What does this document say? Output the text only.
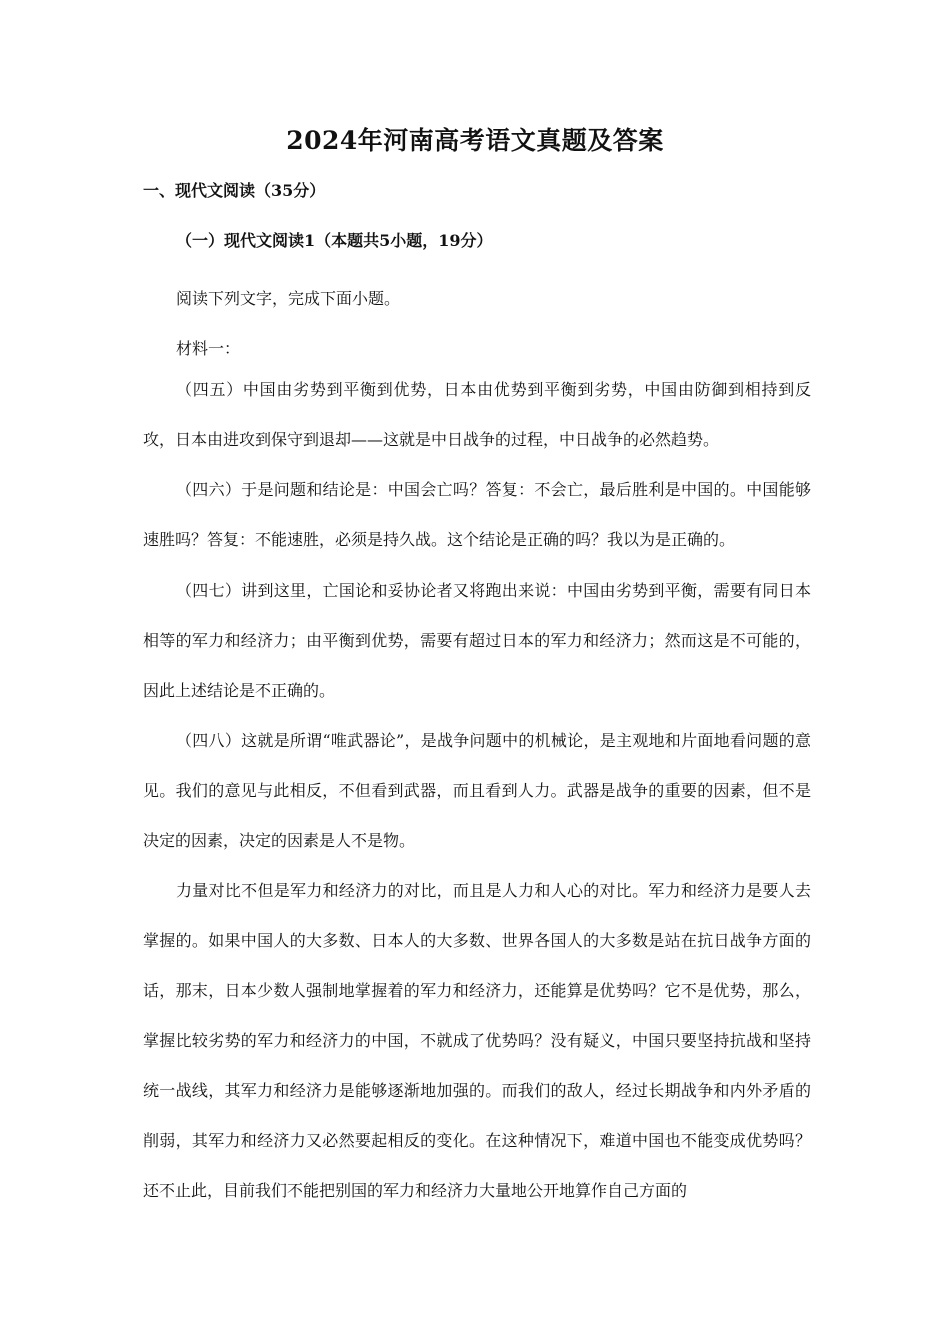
2024年河南高考语文真题及答案
一、现代文阅读（35分）
（一）现代文阅读1（本题共5小题，19分）
阅读下列文字，完成下面小题。
材料一：
（四五）中国由劣势到平衡到优势，日本由优势到平衡到劣势，中国由防御到相持到反攻，日本由进攻到保守到退却——这就是中日战争的过程，中日战争的必然趋势。
（四六）于是问题和结论是：中国会亡吗？答复：不会亡，最后胜利是中国的。中国能够速胜吗？答复：不能速胜，必须是持久战。这个结论是正确的吗？我以为是正确的。
（四七）讲到这里，亡国论和妥协论者又将跑出来说：中国由劣势到平衡，需要有同日本相等的军力和经济力；由平衡到优势，需要有超过日本的军力和经济力；然而这是不可能的，因此上述结论是不正确的。
（四八）这就是所谓“唯武器论”，是战争问题中的机械论，是主观地和片面地看问题的意见。我们的意见与此相反，不但看到武器，而且看到人力。武器是战争的重要的因素，但不是决定的因素，决定的因素是人不是物。
力量对比不但是军力和经济力的对比，而且是人力和人心的对比。军力和经济力是要人去掌握的。如果中国人的大多数、日本人的大多数、世界各国人的大多数是站在抗日战争方面的话，那末，日本少数人强制地掌握着的军力和经济力，还能算是优势吗？它不是优势，那么，掌握比较劣势的军力和经济力的中国，不就成了优势吗？没有疑义，中国只要坚持抗战和坚持统一战线，其军力和经济力是能够逐渐地加强的。而我们的敌人，经过长期战争和内外矛盾的削弱，其军力和经济力又必然要起相反的变化。在这种情况下，难道中国也不能变成优势吗？还不止此，目前我们不能把别国的军力和经济力大量地公开地算作自己方面的
